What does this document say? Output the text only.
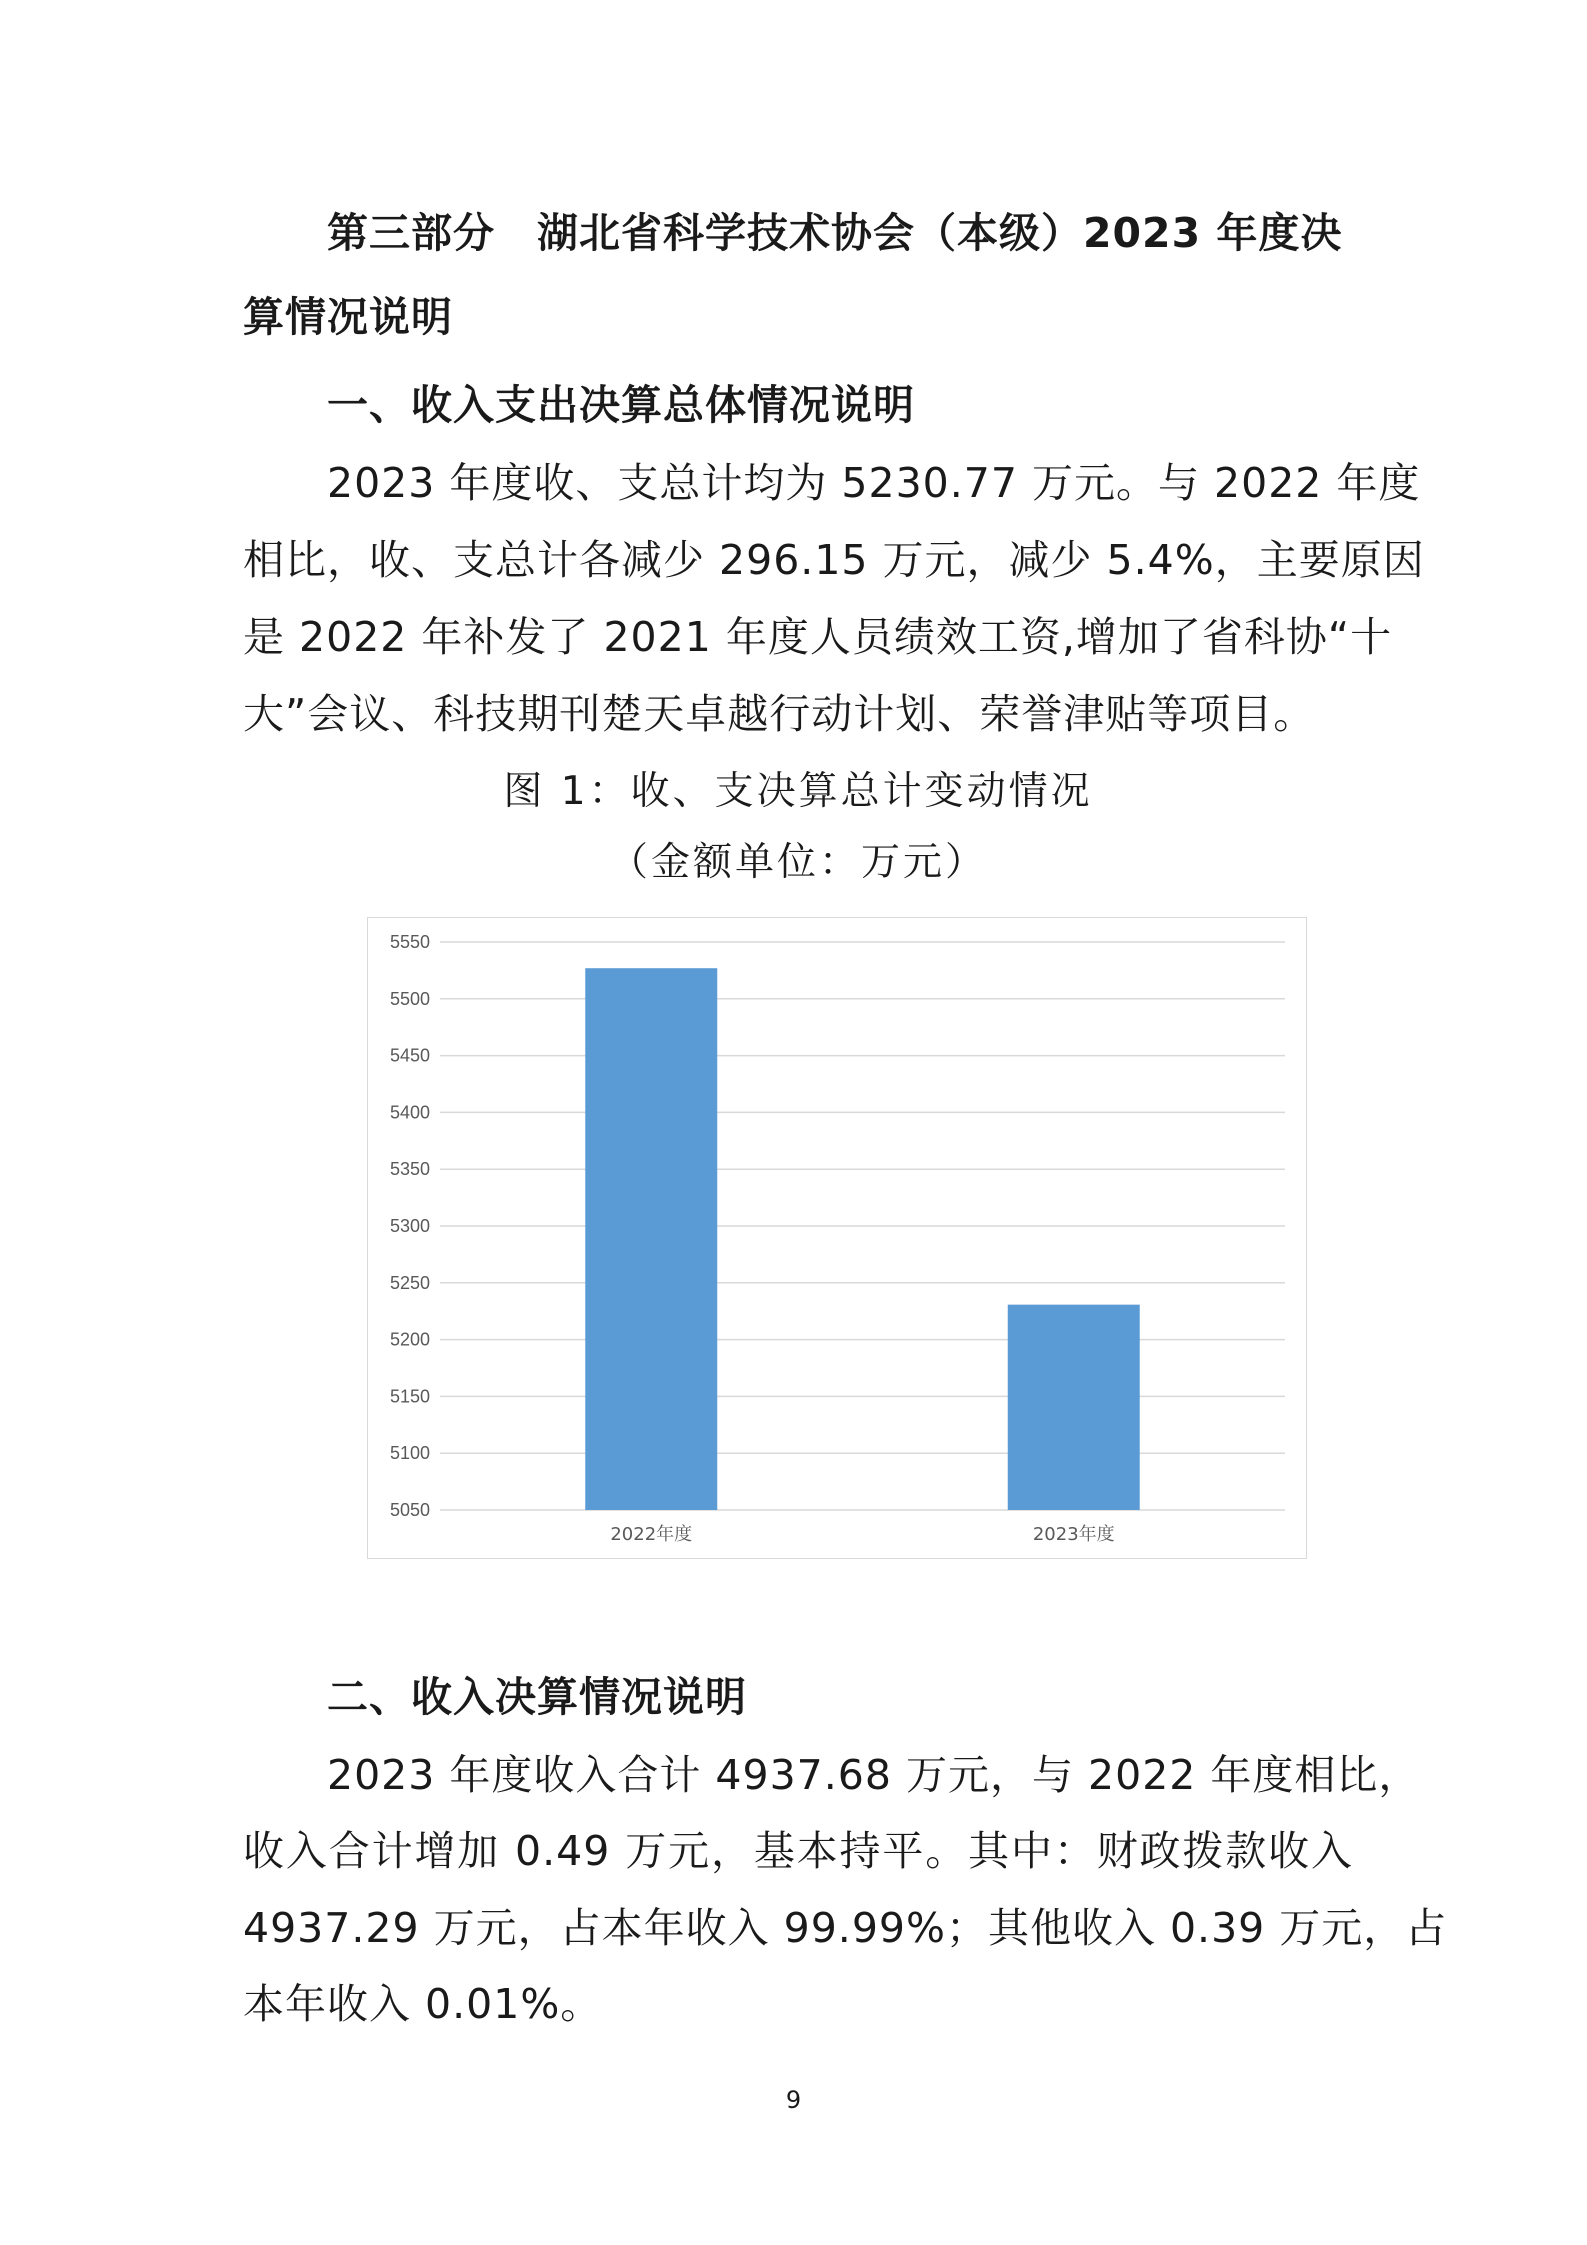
第三部分　湖北省科学技术协会（本级）2023 年度决
算情况说明
一、收入支出决算总体情况说明
2023 年度收、支总计均为 5230.77 万元。与 2022 年度
相比，收、支总计各减少 296.15 万元，减少 5.4%，主要原因
是 2022 年补发了 2021 年度人员绩效工资,增加了省科协“十
大”会议、科技期刊楚天卓越行动计划、荣誉津贴等项目。
图 1：收、支决算总计变动情况
（金额单位：万元）
5550
5500
5450
5400
5350
5300
5250
5200
5150
5100
5050
2022年度	2023年度
二、收入决算情况说明
2023 年度收入合计 4937.68 万元，与 2022 年度相比，
收入合计增加 0.49 万元，基本持平。其中：财政拨款收入
4937.29 万元，占本年收入 99.99%；其他收入 0.39 万元，占
本年收入 0.01%。
9
